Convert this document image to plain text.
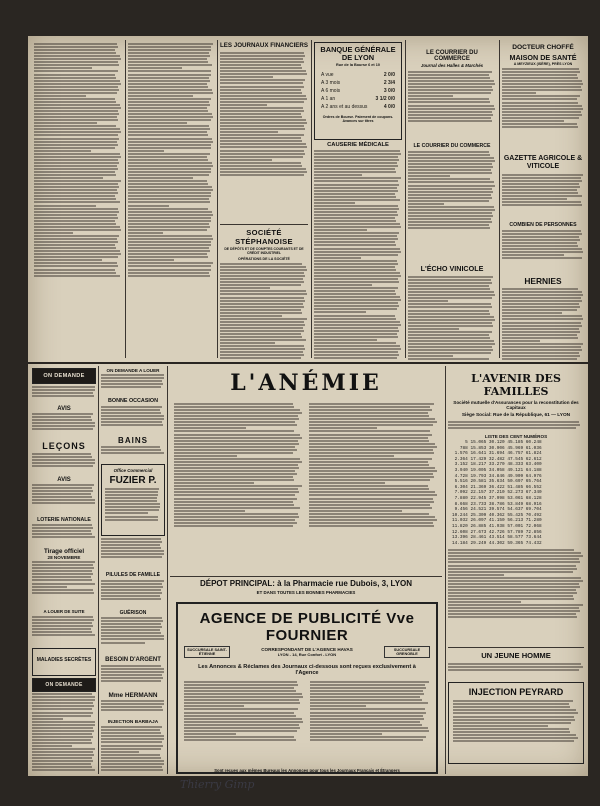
LES JOURNAUX FINANCIERS
SOCIÉTÉ STÉPHANOISE
DE DÉPÔTS ET DE COMPTES COURANTS ET DE CRÉDIT INDUSTRIEL
OPÉRATIONS DE LA SOCIÉTÉ
BANQUE GÉNÉRALE DE LYON
Rue de la Bourse 6 et 10
A vue	2 0/0
A 3 mois	2 3/4
A 6 mois	3 0/0
A 1 an	3 1/2 0/0
A 2 ans et au dessus	4 0/0
Ordres de Bourse. Paiement de coupons. Avances sur titres
CAUSERIE MÉDICALE
LE COURRIER DU COMMERCE
Journal des Halles & Marchés
LE COURRIER DU COMMERCE
L'ÉCHO VINICOLE
DOCTEUR CHOFFÉ
MAISON DE SANTÉ
A MEYZIEUX (ISÈRE), PRÈS LYON
GAZETTE AGRICOLE & VITICOLE
COMBIEN DE PERSONNES
HERNIES
ON DEMANDE
AVIS
LEÇONS
AVIS
LOTERIE NATIONALE
Tirage officiel
28 NOVEMBRE
A LOUER DE SUITE
MALADIES SECRÈTES
ON DEMANDE
ON DEMANDE A LOUER
BONNE OCCASION
BAINS
Office Commercial
FUZIER P.
PILULES DE FAMILLE
GUÉRISON
BESOIN D'ARGENT
Mme HERMANN
INJECTION BARBAJA
L'ANÉMIE
DÉPOT PRINCIPAL: à la Pharmacie rue Dubois, 3, LYON
ET DANS TOUTES LES BONNES PHARMACIES
AGENCE DE PUBLICITÉ Vve FOURNIER
SUCCURSALE SAINT-ÉTIENNE
CORRESPONDANT DE L'AGENCE HAVAS
LYON - 14, Rue Confort - LYON
SUCCURSALE GRENOBLE
Les Annonces & Réclames des Journaux ci-dessous sont reçues exclusivement à l'Agence
Sont reçues aux mêmes Bureaux les Annonces pour tous les Journaux Français et Étrangers
L'AVENIR DES FAMILLES
Société mutuelle d'Assurances pour la reconstitution des Capitaux
Siège Social: Rue de la République, 61 — LYON
LISTE DES CENT NUMÉROS
5 15.065 30.120 45.185 60.248
788 15.853 30.906 45.969 61.036
1.576 16.641 31.694 46.757 61.824
2.364 17.429 32.482 47.545 62.612
3.152 18.217 33.270 48.333 63.400
3.940 19.005 34.058 49.121 64.188
4.728 19.793 34.846 49.909 64.976
5.516 20.581 35.634 50.697 65.764
6.304 21.369 36.422 51.485 66.552
7.092 22.157 37.210 52.273 67.340
7.880 22.945 37.998 53.061 68.128
8.668 23.733 38.786 53.849 68.916
9.456 24.521 39.574 54.637 69.704
10.244 25.309 40.362 55.425 70.492
11.032 26.097 41.150 56.213 71.280
11.820 26.885 41.938 57.001 72.068
12.608 27.673 42.726 57.789 72.856
13.396 28.461 43.514 58.577 73.644
14.184 29.249 44.302 59.365 74.432
UN JEUNE HOMME
INJECTION PEYRARD
Thierry Gimp
